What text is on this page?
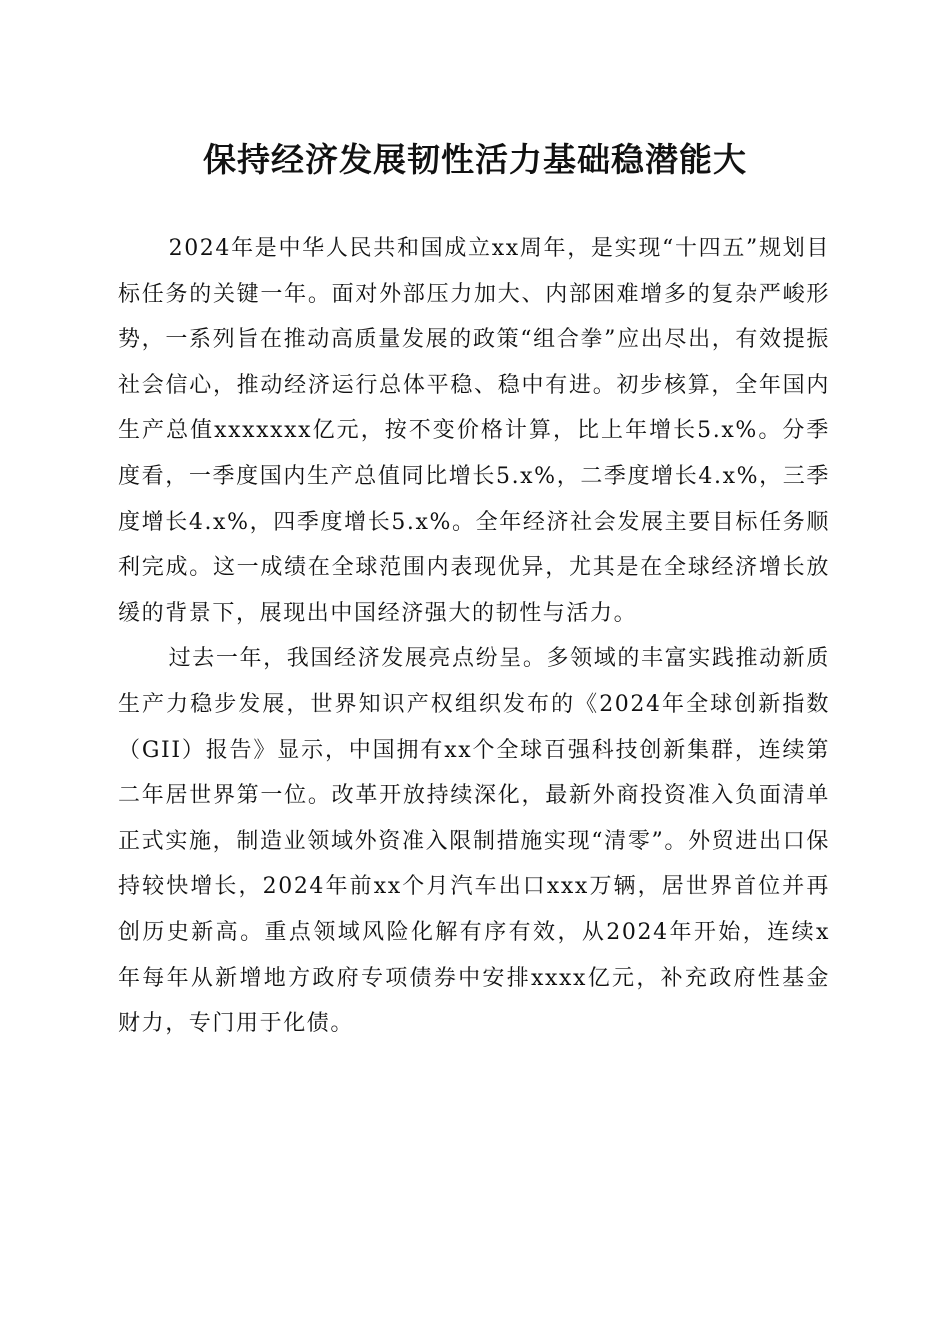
保持经济发展韧性活力基础稳潜能大

2024年是中华人民共和国成立xx周年，是实现“十四五”规划目标任务的关键一年。面对外部压力加大、内部困难增多的复杂严峻形势，一系列旨在推动高质量发展的政策“组合拳”应出尽出，有效提振社会信心，推动经济运行总体平稳、稳中有进。初步核算，全年国内生产总值xxxxxxx亿元，按不变价格计算，比上年增长5.x%。分季度看，一季度国内生产总值同比增长5.x%，二季度增长4.x%，三季度增长4.x%，四季度增长5.x%。全年经济社会发展主要目标任务顺利完成。这一成绩在全球范围内表现优异，尤其是在全球经济增长放缓的背景下，展现出中国经济强大的韧性与活力。

过去一年，我国经济发展亮点纷呈。多领域的丰富实践推动新质生产力稳步发展，世界知识产权组织发布的《2024年全球创新指数（GII）报告》显示，中国拥有xx个全球百强科技创新集群，连续第二年居世界第一位。改革开放持续深化，最新外商投资准入负面清单正式实施，制造业领域外资准入限制措施实现“清零”。外贸进出口保持较快增长，2024年前xx个月汽车出口xxx万辆，居世界首位并再创历史新高。重点领域风险化解有序有效，从2024年开始，连续x年每年从新增地方政府专项债券中安排xxxx亿元，补充政府性基金财力，专门用于化债。
